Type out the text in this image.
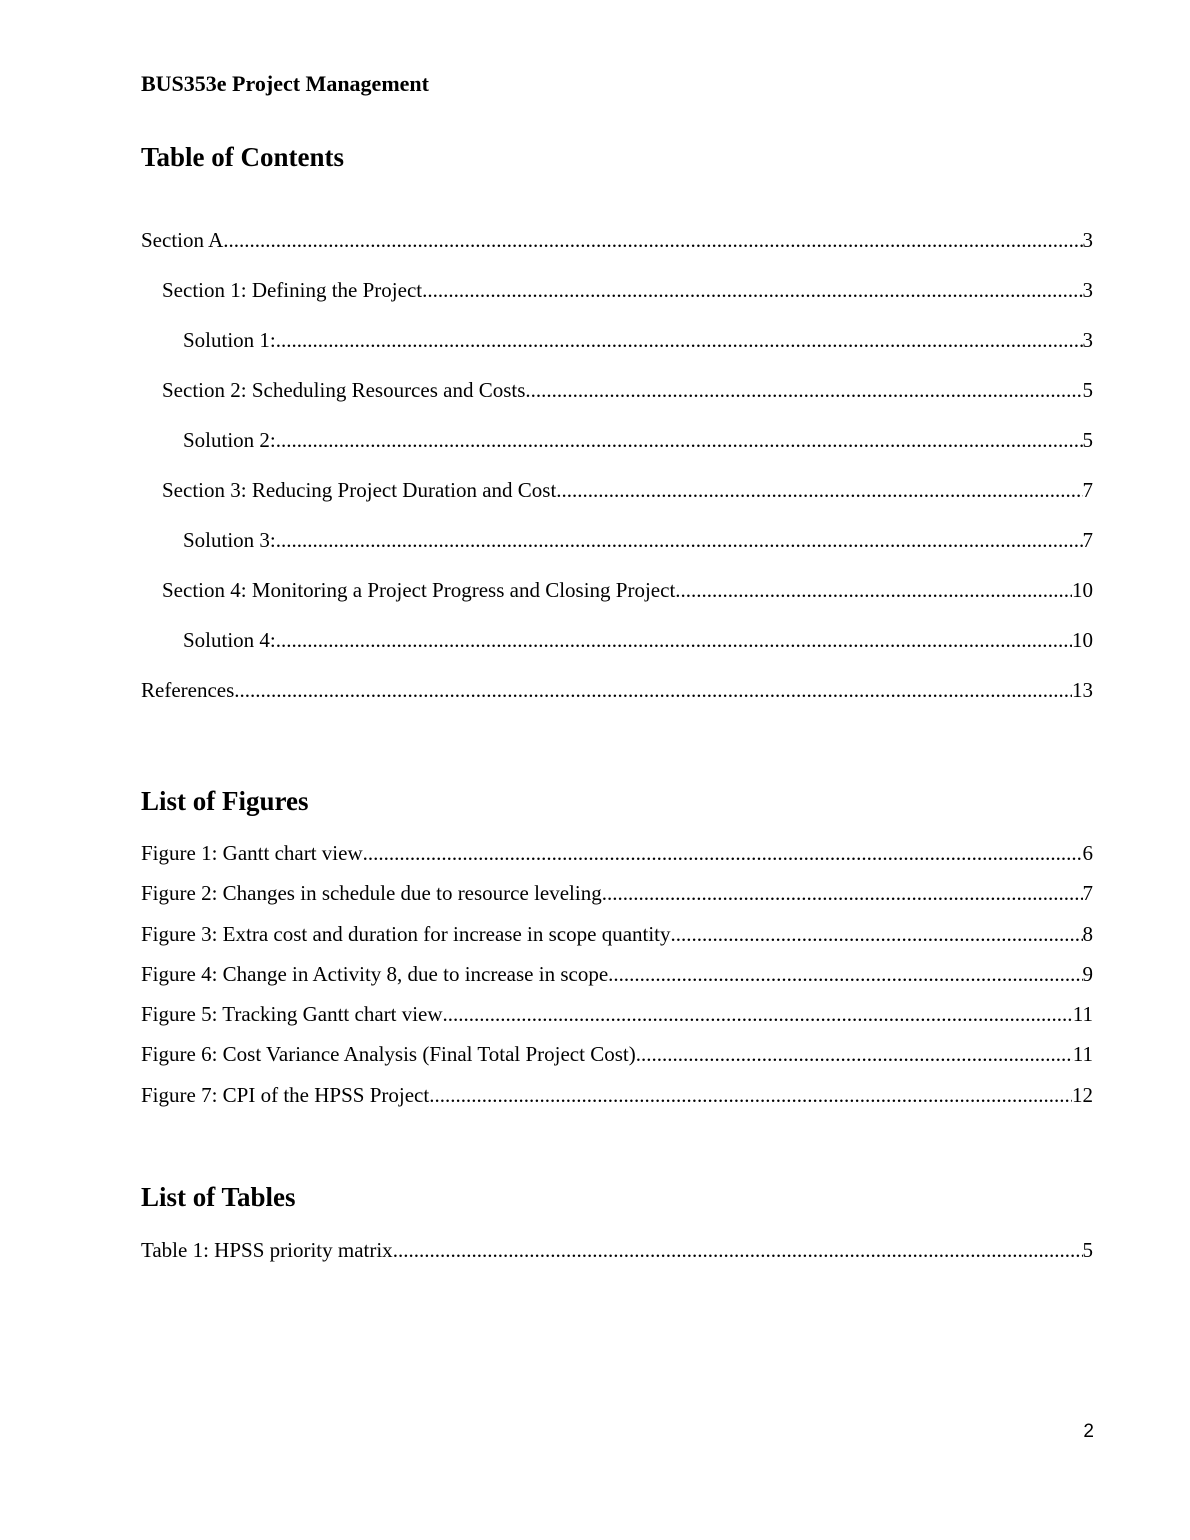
BUS353e Project Management
Table of Contents
Section A .....	3
Section 1: Defining the Project .....	3
Solution 1: .....	3
Section 2: Scheduling Resources and Costs .....	5
Solution 2: .....	5
Section 3: Reducing Project Duration and Cost .....	7
Solution 3: .....	7
Section 4: Monitoring a Project Progress and Closing Project .....	10
Solution 4: .....	10
References .....	13
List of Figures
Figure 1: Gantt chart view .....	6
Figure 2: Changes in schedule due to resource leveling .....	7
Figure 3: Extra cost and duration for increase in scope quantity .....	8
Figure 4: Change in Activity 8, due to increase in scope .....	9
Figure 5: Tracking Gantt chart view .....	11
Figure 6: Cost Variance Analysis (Final Total Project Cost) .....	11
Figure 7: CPI of the HPSS Project .....	12
List of Tables
Table 1: HPSS priority matrix .....	5
2
